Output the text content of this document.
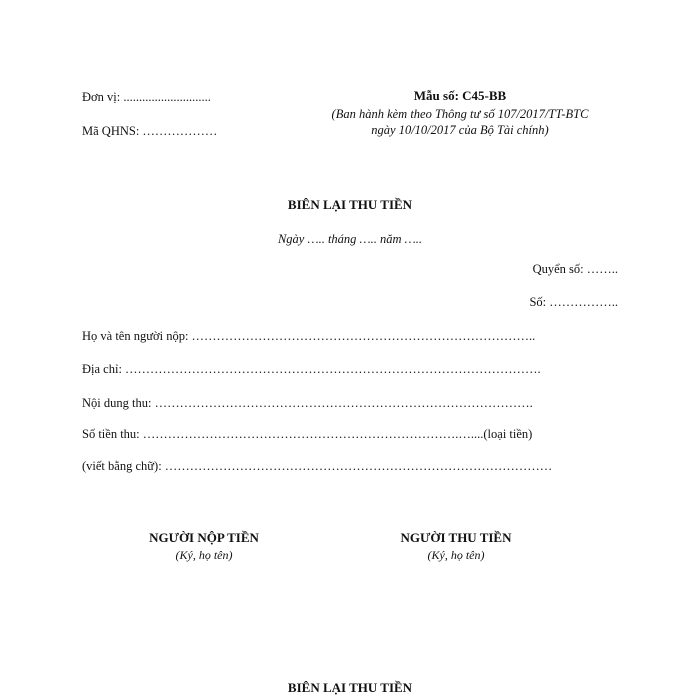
Đơn vị: ............................
Mã QHNS: ………………
Mẫu số: C45-BB
(Ban hành kèm theo Thông tư số 107/2017/TT-BTC ngày 10/10/2017 của Bộ Tài chính)
BIÊN LẠI THU TIỀN
Ngày ….. tháng ….. năm …..
Quyển số: ……..
Số: ……………..
Họ và tên người nộp: ………………………………………………………………………..
Địa chỉ: ……………………………………………………………………………………….
Nội dung thu: ……………………………………………………………………………….
Số tiền thu: ………………………………………………………………….…....(loại tiền)
(viết bằng chữ): …………………………………………………………………………………
NGƯỜI NỘP TIỀN
(Ký, họ tên)
NGƯỜI THU TIỀN
(Ký, họ tên)
BIÊN LẠI THU TIỀN
